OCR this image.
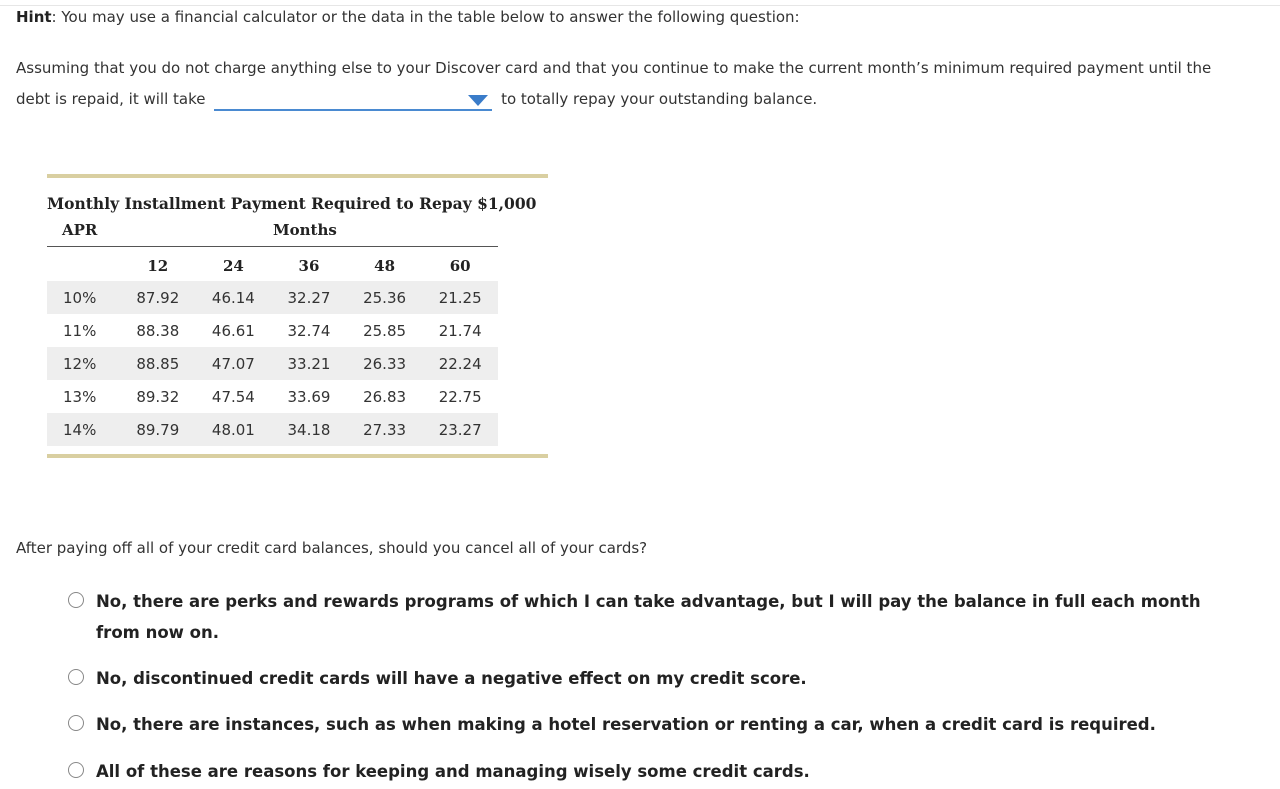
Hint: You may use a financial calculator or the data in the table below to answer the following question:
Assuming that you do not charge anything else to your Discover card and that you continue to make the current month’s minimum required payment until the debt is repaid, it will take	to totally repay your outstanding balance.
Monthly Installment Payment Required to Repay $1,000
APR	Months
	12	24	36	48	60
10%	87.92	46.14	32.27	25.36	21.25
11%	88.38	46.61	32.74	25.85	21.74
12%	88.85	47.07	33.21	26.33	22.24
13%	89.32	47.54	33.69	26.83	22.75
14%	89.79	48.01	34.18	27.33	23.27
After paying off all of your credit card balances, should you cancel all of your cards?
No, there are perks and rewards programs of which I can take advantage, but I will pay the balance in full each month from now on.
No, discontinued credit cards will have a negative effect on my credit score.
No, there are instances, such as when making a hotel reservation or renting a car, when a credit card is required.
All of these are reasons for keeping and managing wisely some credit cards.
